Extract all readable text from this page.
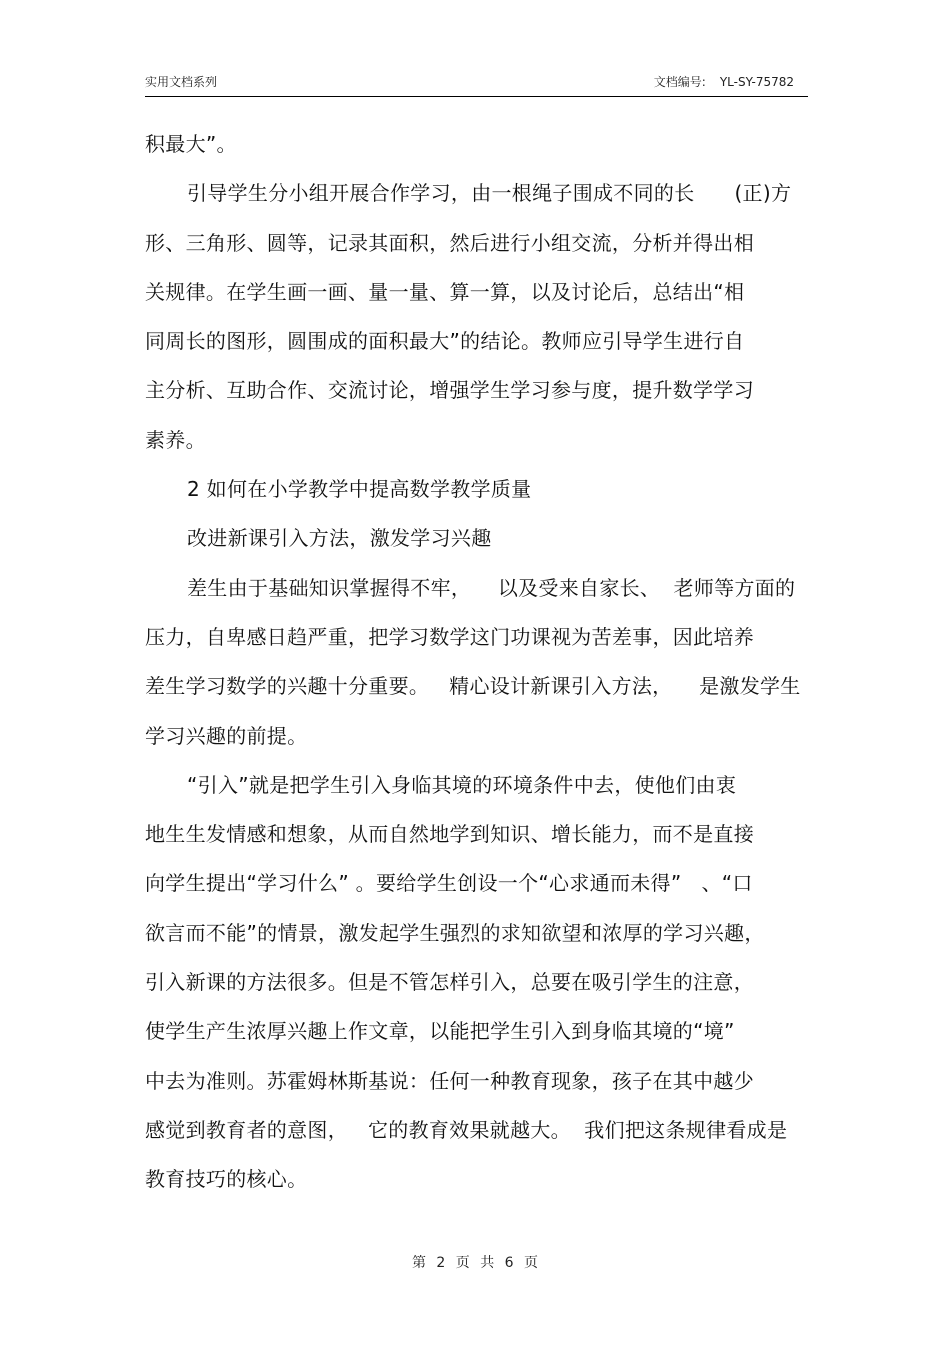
实用文档系列	文档编号: YL-SY-75782
积最大”。
引导学生分小组开展合作学习，由一根绳子围成不同的长      (正)方
形、三角形、圆等，记录其面积，然后进行小组交流，分析并得出相
关规律。在学生画一画、量一量、算一算，以及讨论后，总结出“相
同周长的图形，圆围成的面积最大”的结论。教师应引导学生进行自
主分析、互助合作、交流讨论，增强学生学习参与度，提升数学学习
素养。
2 如何在小学教学中提高数学教学质量
改进新课引入方法，激发学习兴趣
差生由于基础知识掌握得不牢，    以及受来自家长、  老师等方面的
压力，自卑感日趋严重，把学习数学这门功课视为苦差事，因此培养
差生学习数学的兴趣十分重要。   精心设计新课引入方法，    是激发学生
学习兴趣的前提。
“引入”就是把学生引入身临其境的环境条件中去，使他们由衷
地生生发情感和想象，从而自然地学到知识、增长能力，而不是直接
向学生提出“学习什么” 。要给学生创设一个“心求通而未得”   、“口
欲言而不能”的情景，激发起学生强烈的求知欲望和浓厚的学习兴趣，
引入新课的方法很多。但是不管怎样引入，总要在吸引学生的注意，
使学生产生浓厚兴趣上作文章，以能把学生引入到身临其境的“境”
中去为准则。苏霍姆林斯基说：任何一种教育现象，孩子在其中越少
感觉到教育者的意图，   它的教育效果就越大。  我们把这条规律看成是
教育技巧的核心。
第 2 页 共 6 页
